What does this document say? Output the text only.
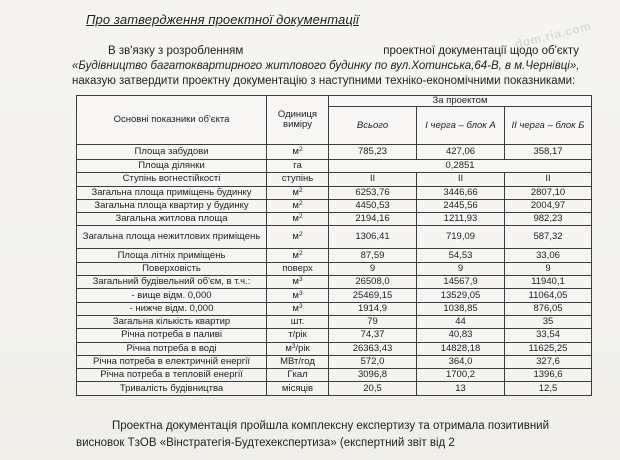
Про затвердження проектної документації	dom.ria.com
В зв'язку з розробленням	проектної документації щодо об'єкту
«Будівництво багатоквартирного житлового будинку по вул.Хотинська,64-В, в м.Чернівці»,
наказую затвердити проектну документацію з наступними техніко-економічними показниками:
Основні показники об'єкта	Одиниця виміру	За проектом		
		Всього	I черга – блок А	II черга – блок Б
Площа забудови	$м^2$	785,23	427,06	358,17
Площа ділянки	га	0,2851		
Ступінь вогнестійкості	ступінь	II	II	II
Загальна площа приміщень будинку	$м^2$	6253,76	3446,66	2807,10
Загальна площа квартир у будинку	$м^2$	4450,53	2445,56	2004,97
Загальна житлова площа	$м^2$	2194,16	1211,93	982,23
Загальна площа нежитлових приміщень	$м^2$	1306,41	719,09	587,32
Площа літніх приміщень	$м^2$	87,59	54,53	33,06
Поверховість	поверх	9	9	9
Загальний будівельний об'єм, в т.ч.:	$м^3$	26508,0	14567,9	11940,1
- вище відм. 0,000	$м^3$	25469,15	13529,05	11064,05
- нижче відм. 0,000	$м^3$	1914,9	1038,85	876,05
Загальна кількість квартир	шт.	79	44	35
Річна потреба в паливі	т/рік	74,37	40,83	33,54
Річна потреба в воді	$м^3$/рік	26363,43	14828,18	11625,25
Річна потреба в електричній енергії	МВт/год	572,0	364,0	327,6
Річна потреба в тепловій енергії	Гкал	3096,8	1700,2	1396,6
Тривалість будівництва	місяців	20,5	13	12,5
Проектна документація пройшла комплексну експертизу та отримала позитивний
висновок ТзОВ «Вінстратегія-Будтехекспертиза» (експертний звіт від 2
